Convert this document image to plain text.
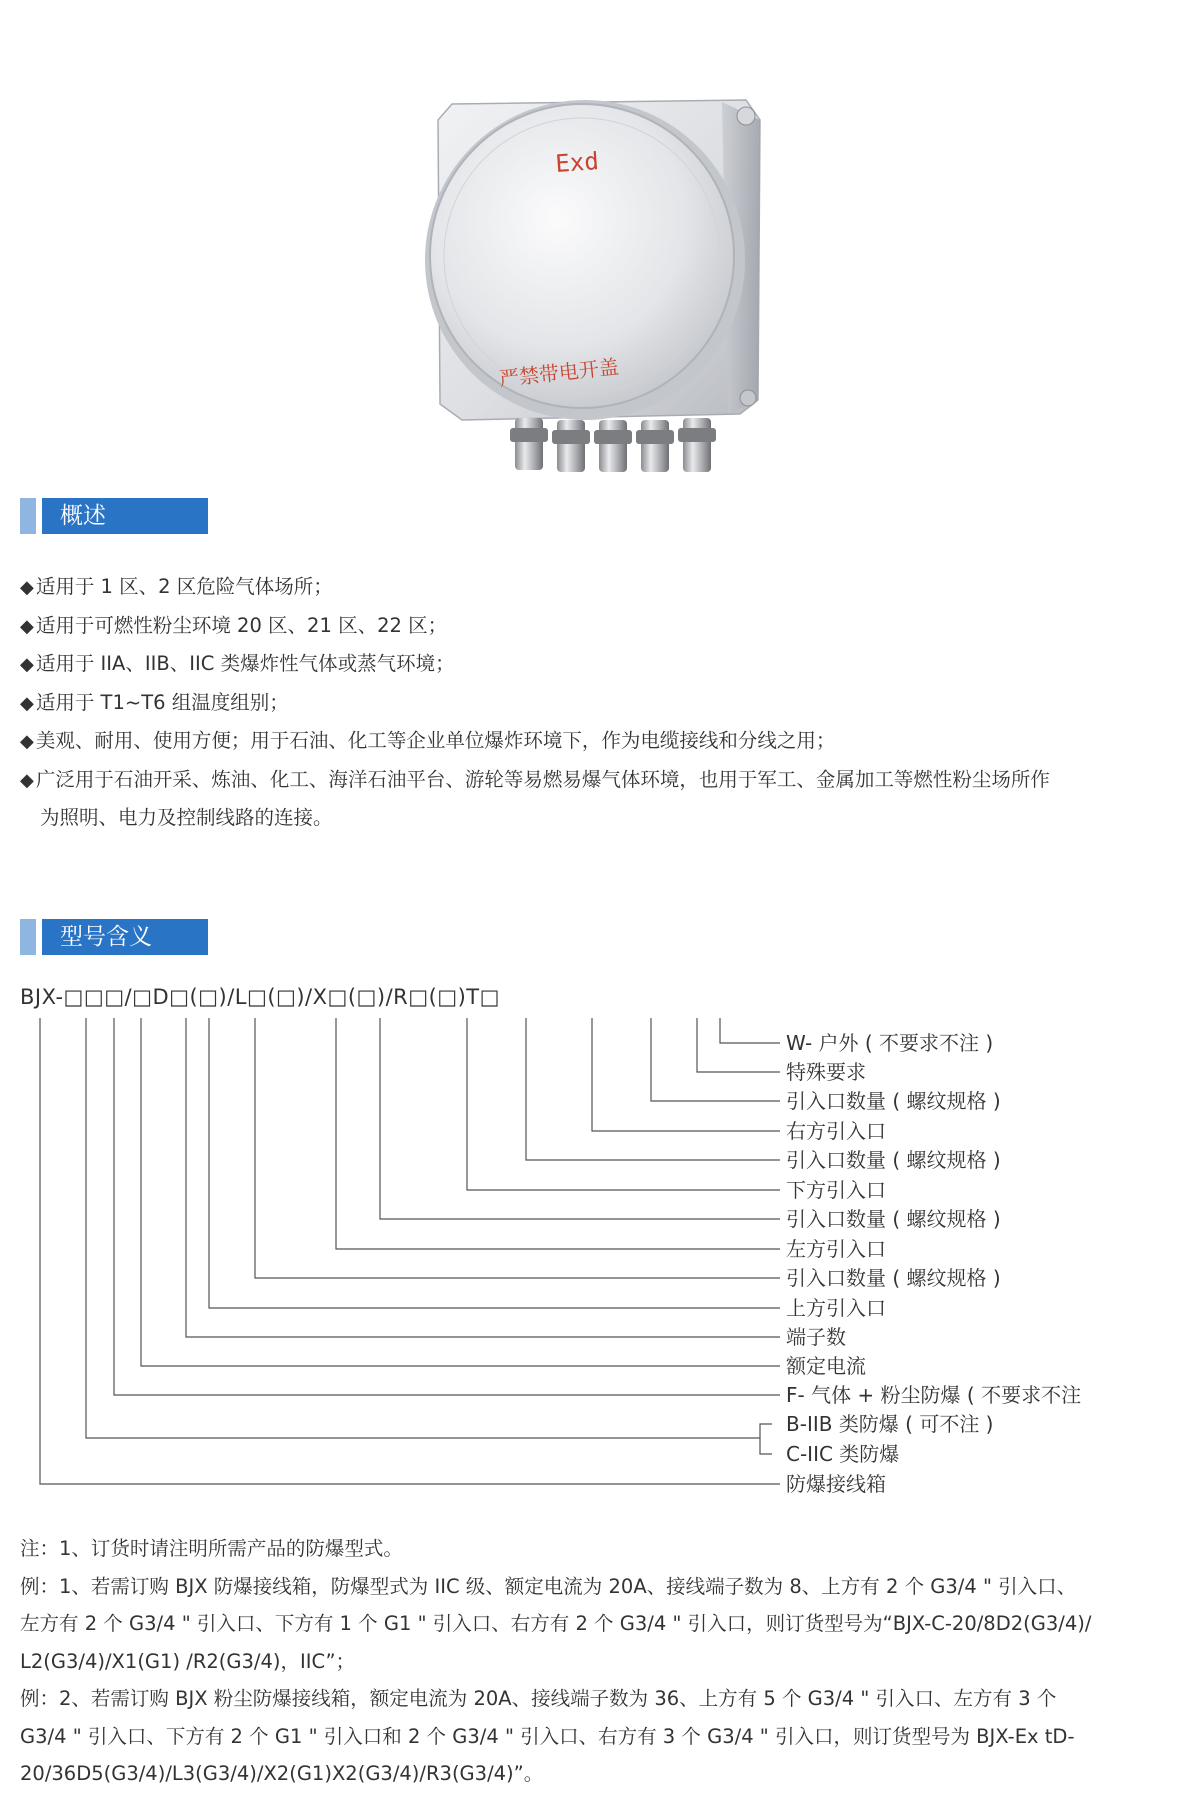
Exd
严禁带电开盖
概述
◆ 适用于 1 区、2 区危险气体场所；
◆ 适用于可燃性粉尘环境 20 区、21 区、22 区；
◆ 适用于 IIA、IIB、IIC 类爆炸性气体或蒸气环境；
◆ 适用于 T1~T6 组温度组别；
◆ 美观、耐用、使用方便；用于石油、化工等企业单位爆炸环境下，作为电缆接线和分线之用；
◆ 广泛用于石油开采、炼油、化工、海洋石油平台、游轮等易燃易爆气体环境，也用于军工、金属加工等燃性粉尘场所作
为照明、电力及控制线路的连接。
型号含义
BJX-□□□/□D□(□)/L□(□)/X□(□)/R□(□)T□
W- 户外 ( 不要求不注 )
特殊要求
引入口数量 ( 螺纹规格 )
右方引入口
引入口数量 ( 螺纹规格 )
下方引入口
引入口数量 ( 螺纹规格 )
左方引入口
引入口数量 ( 螺纹规格 )
上方引入口
端子数
额定电流
F- 气体 + 粉尘防爆 ( 不要求不注
B-IIB 类防爆 ( 可不注 )
C-IIC 类防爆
防爆接线箱

注：1、订货时请注明所需产品的防爆型式。

例：1、若需订购 BJX 防爆接线箱，防爆型式为 IIC 级、额定电流为 20A、接线端子数为 8、上方有 2 个 G3/4 " 引入口、

左方有 2 个 G3/4 " 引入口、下方有 1 个 G1 " 引入口、右方有 2 个 G3/4 " 引入口，则订货型号为“BJX-C-20/8D2(G3/4)/

L2(G3/4)/X1(G1) /R2(G3/4)，IIC”；

例：2、若需订购 BJX 粉尘防爆接线箱，额定电流为 20A、接线端子数为 36、上方有 5 个 G3/4 " 引入口、左方有 3 个

G3/4 " 引入口、下方有 2 个 G1 " 引入口和 2 个 G3/4 " 引入口、右方有 3 个 G3/4 " 引入口，则订货型号为 BJX-Ex tD-

20/36D5(G3/4)/L3(G3/4)/X2(G1)X2(G3/4)/R3(G3/4)”。
